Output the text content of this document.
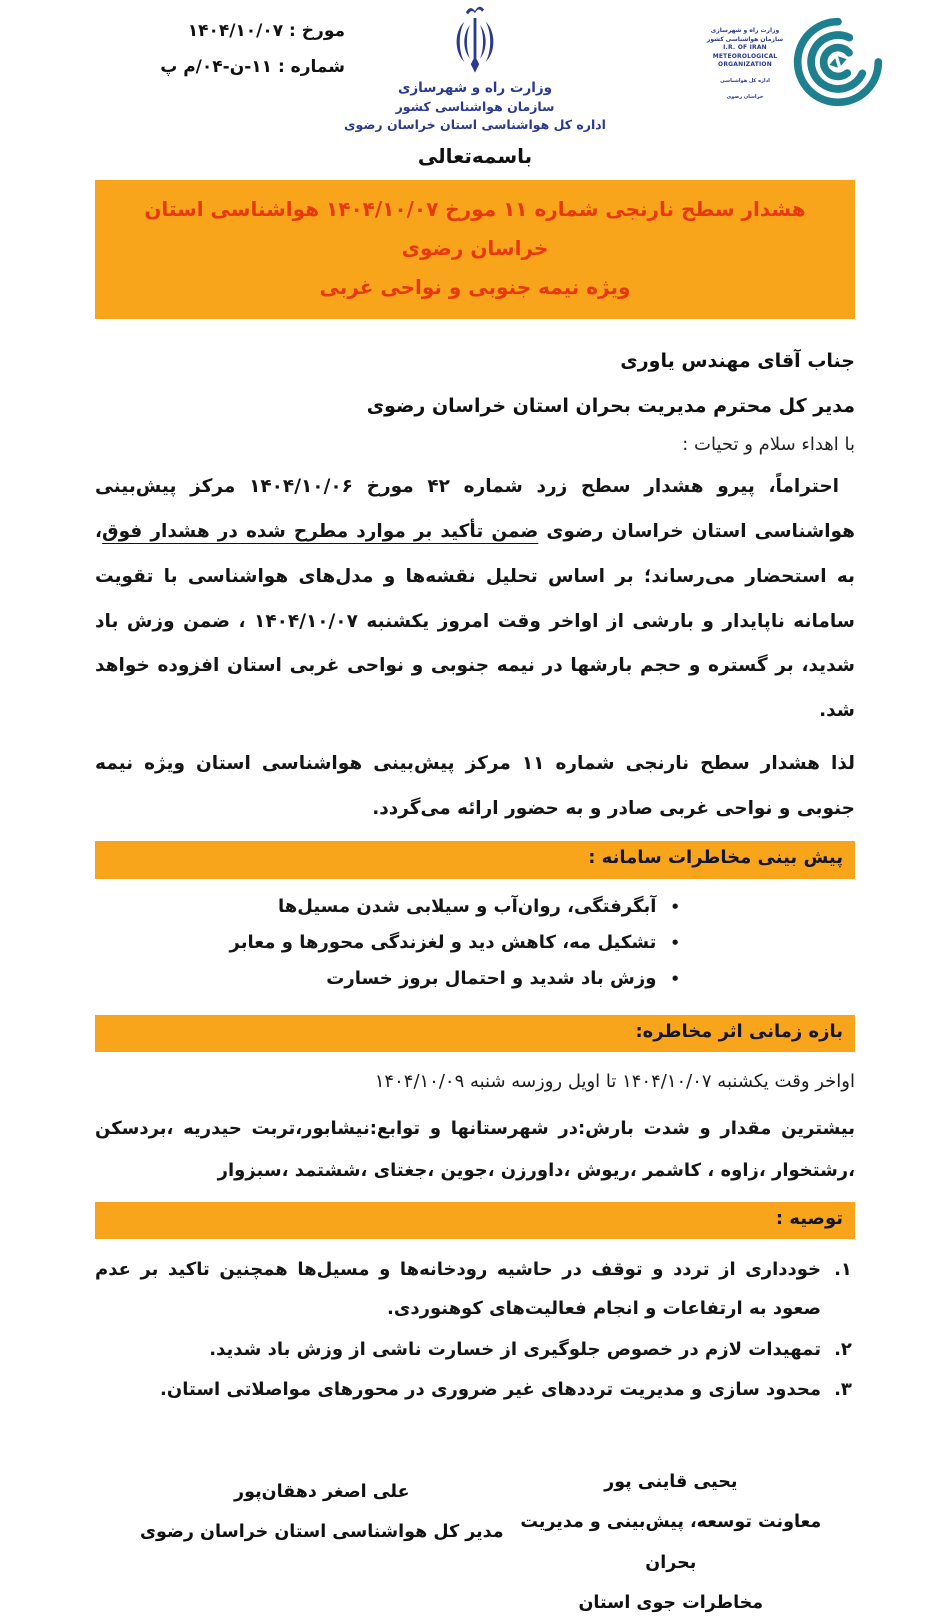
مورخ : ۱۴۰۴/۱۰/۰۷
شماره : ۱۱-ن-۰۴/م پ
وزارت راه و شهرسازی
سازمان هواشناسی کشور
اداره کل هواشناسی استان خراسان رضوی
وزارت راه و شهرسازی
سازمان هواشناسی کشور
I.R. OF IRAN
METEOROLOGICAL
ORGANIZATION
اداره کل هواشناسی
خراسان رضوی
باسمه‌تعالی
هشدار سطح نارنجی شماره ۱۱ مورخ ۱۴۰۴/۱۰/۰۷ هواشناسی استان خراسان رضوی
ویژه نیمه جنوبی و نواحی غربی
جناب آقای مهندس یاوری
مدیر کل محترم مدیریت بحران استان خراسان رضوی
با اهداء سلام و تحیات :

احتراماً، پیرو هشدار سطح زرد شماره ۴۲ مورخ ۱۴۰۴/۱۰/۰۶ مرکز پیش‌بینی هواشناسی استان خراسان رضوی ضمن تأکید بر موارد مطرح شده در هشدار فوق، به استحضار می‌رساند؛ بر اساس تحلیل نقشه‌ها و مدل‌های هواشناسی با تقویت سامانه ناپایدار و بارشی از اواخر وقت امروز یکشنبه ۱۴۰۴/۱۰/۰۷ ، ضمن وزش باد شدید، بر گستره و حجم بارشها در نیمه جنوبی و نواحی غربی استان افزوده خواهد شد.

لذا هشدار سطح نارنجی شماره ۱۱ مرکز پیش‌بینی هواشناسی استان ویژه نیمه جنوبی و نواحی غربی صادر و به حضور ارائه می‌گردد.

پیش بینی مخاطرات سامانه :
•
آبگرفتگی، روان‌آب و سیلابی شدن مسیل‌ها
•
تشکیل مه، کاهش دید و لغزندگی محورها و معابر
•
وزش باد شدید و احتمال بروز خسارت
بازه زمانی اثر مخاطره:
اواخر وقت یکشنبه ۱۴۰۴/۱۰/۰۷ تا اویل روزسه شنبه ۱۴۰۴/۱۰/۰۹
بیشترین مقدار و شدت بارش:در شهرستانها و توابع:نیشابور،تربت حیدریه ،بردسکن ،رشتخوار ،زاوه ، کاشمر ،ریوش ،داورزن ،جوین ،جغتای ،ششتمد ،سبزوار
توصیه :
۱.
خودداری از تردد و توقف در حاشیه رودخانه‌ها و مسیل‌ها همچنین تاکید بر عدم صعود به ارتفاعات و انجام فعالیت‌های کوهنوردی.
۲.
تمهیدات لازم در خصوص جلوگیری از خسارت ناشی از وزش باد شدید.
۳.
محدود سازی و مدیریت ترددهای غیر ضروری در محورهای مواصلاتی استان.
یحیی قاینی پور
معاونت توسعه، پیش‌بینی و مدیریت بحران
مخاطرات جوی استان
علی اصغر دهقان‌پور
مدیر کل هواشناسی استان خراسان رضوی
